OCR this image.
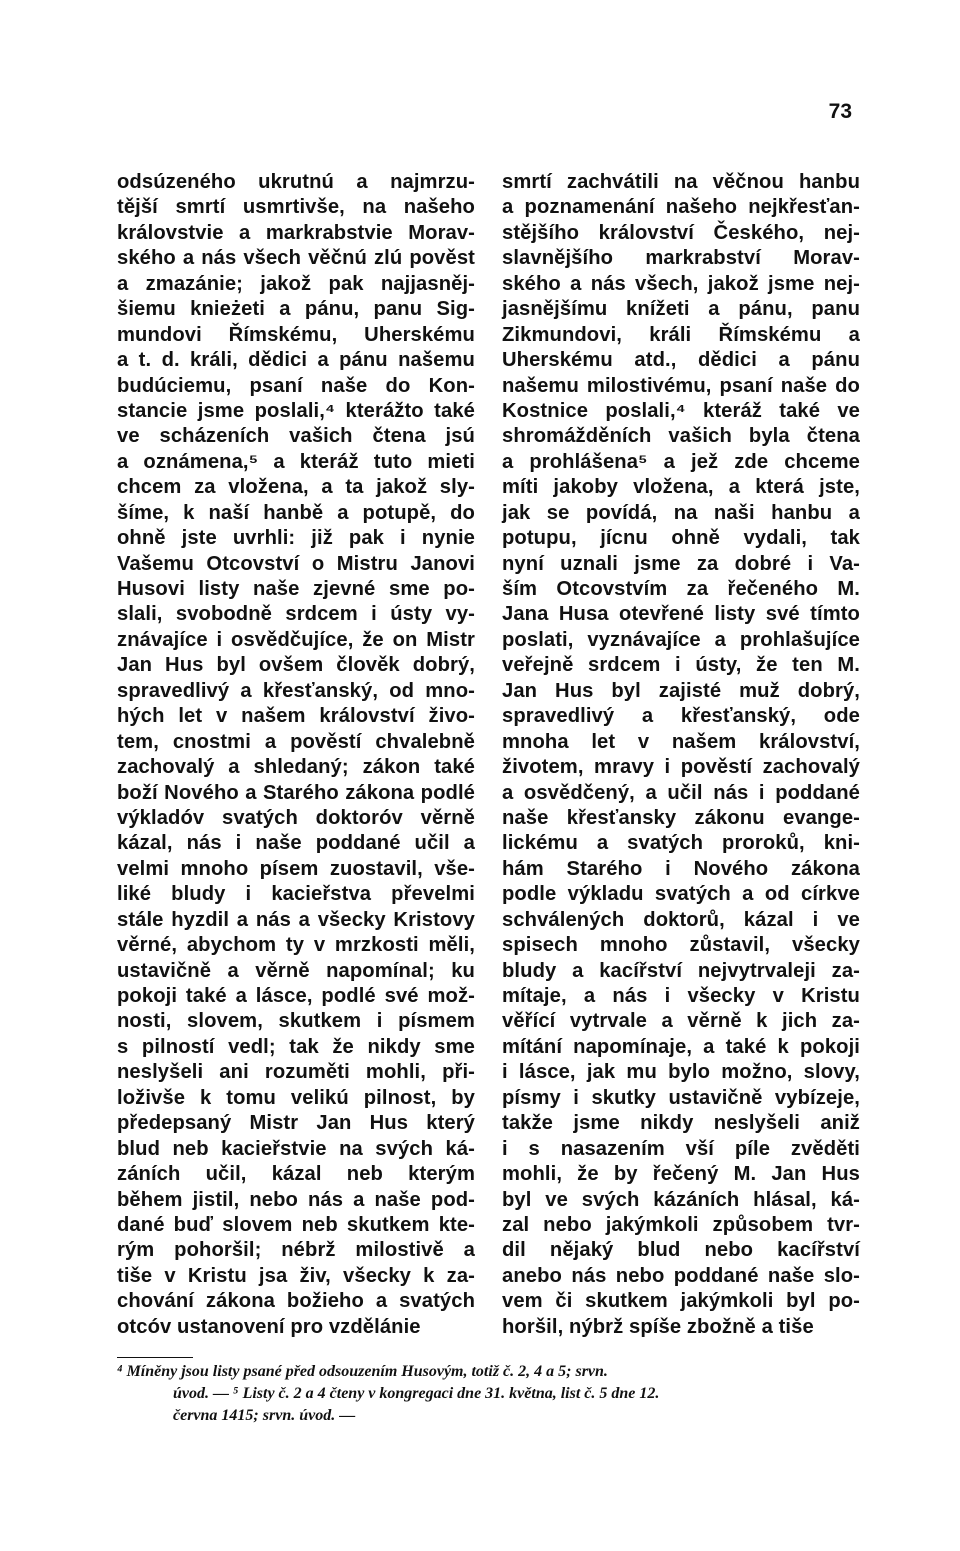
73
odsúzeného ukrutnú a najmrzu-
tější smrtí usmrtivše, na našeho
královstvie a markrabstvie Morav-
ského a nás všech věčnú zlú pověst
a zmazánie; jakož pak najjasněj-
šiemu knieżeti a pánu, panu Sig-
mundovi Římskému, Uherskému
a t. d. králi, dědici a pánu našemu
budúciemu, psaní naše do Kon-
stancie jsme poslali,⁴ kterážto také
ve scházeních vašich čtena jsú
a oznámena,⁵ a kteráž tuto mieti
chcem za vložena, a ta jakož sly-
šíme, k naší hanbě a potupě, do
ohně jste uvrhli: již pak i nynie
Vašemu Otcovství o Mistru Janovi
Husovi listy naše zjevné sme po-
slali, svobodně srdcem i ústy vy-
znávajíce i osvědčujíce, že on Mistr
Jan Hus byl ovšem člověk dobrý,
spravedlivý a křesťanský, od mno-
hých let v našem království živo-
tem, cnostmi a pověstí chvalebně
zachovalý a shledaný; zákon také
boží Nového a Starého zákona podlé
výkladóv svatých doktoróv věrně
kázal, nás i naše poddané učil a
velmi mnoho písem zuostavil, vše-
liké bludy i kacieřstva převelmi
stále hyzdil a nás a všecky Kristovy
věrné, abychom ty v mrzkosti měli,
ustavičně a věrně napomínal; ku
pokoji také a lásce, podlé své mož-
nosti, slovem, skutkem i písmem
s pilností vedl; tak že nikdy sme
neslyšeli ani rozuměti mohli, při-
loživše k tomu velikú pilnost, by
předepsaný Mistr Jan Hus který
blud neb kacieřstvie na svých ká-
záních učil, kázal neb kterým
během jistil, nebo nás a naše pod-
dané buď slovem neb skutkem kte-
rým pohoršil; nébrž milostivě a
tiše v Kristu jsa živ, všecky k za-
chování zákona božieho a svatých
otcóv ustanovení pro vzdělánie
smrtí zachvátili na věčnou hanbu
a poznamenání našeho nejkřesťan-
stějšího království Českého, nej-
slavnějšího markrabství Morav-
ského a nás všech, jakož jsme nej-
jasnějšímu knížeti a pánu, panu
Zikmundovi, králi Římskému a
Uherskému atd., dědici a pánu
našemu milostivému, psaní naše do
Kostnice poslali,⁴ kteráž také ve
shromážděních vašich byla čtena
a prohlášena⁵ a jež zde chceme
míti jakoby vložena, a která jste,
jak se povídá, na naši hanbu a
potupu, jícnu ohně vydali, tak
nyní uznali jsme za dobré i Va-
ším Otcovstvím za řečeného M.
Jana Husa otevřené listy své tímto
poslati, vyznávajíce a prohlašujíce
veřejně srdcem i ústy, že ten M.
Jan Hus byl zajisté muž dobrý,
spravedlivý a křesťanský, ode
mnoha let v našem království,
životem, mravy i pověstí zachovalý
a osvědčený, a učil nás i poddané
naše křesťansky zákonu evange-
lickému a svatých proroků, kni-
hám Starého i Nového zákona
podle výkladu svatých a od církve
schválených doktorů, kázal i ve
spisech mnoho zůstavil, všecky
bludy a kacířství nejvytrvaleji za-
mítaje, a nás i všecky v Kristu
věřící vytrvale a věrně k jich za-
mítání napomínaje, a také k pokoji
i lásce, jak mu bylo možno, slovy,
písmy i skutky ustavičně vybízeje,
takže jsme nikdy neslyšeli aniž
i s nasazením vší píle zvěděti
mohli, že by řečený M. Jan Hus
byl ve svých kázáních hlásal, ká-
zal nebo jakýmkoli způsobem tvr-
dil nějaký blud nebo kacířství
anebo nás nebo poddané naše slo-
vem či skutkem jakýmkoli byl po-
horšil, nýbrž spíše zbožně a tiše
⁴ Míněny jsou listy psané před odsouzením Husovým, totiž č. 2, 4 a 5; srvn.
úvod. — ⁵ Listy č. 2 a 4 čteny v kongregaci dne 31. května, list č. 5 dne 12.
června 1415; srvn. úvod. —
